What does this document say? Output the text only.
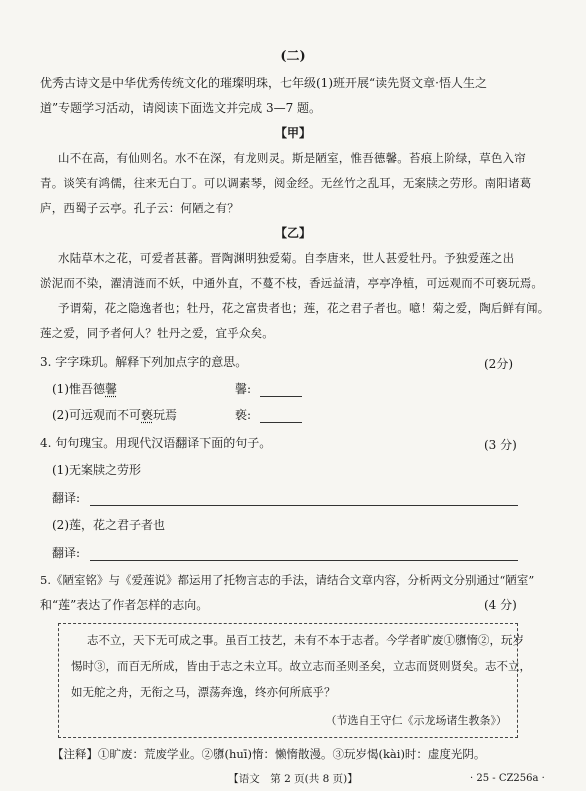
(二)
优秀古诗文是中华优秀传统文化的璀璨明珠，七年级(1)班开展“读先贤文章·悟人生之
道”专题学习活动，请阅读下面选文并完成 3—7 题。
【甲】
山不在高，有仙则名。水不在深，有龙则灵。斯是陋室，惟吾德馨。苔痕上阶绿，草色入帘
青。谈笑有鸿儒，往来无白丁。可以调素琴，阅金经。无丝竹之乱耳，无案牍之劳形。南阳诸葛
庐，西蜀子云亭。孔子云：何陋之有？
【乙】
水陆草木之花，可爱者甚蕃。晋陶渊明独爱菊。自李唐来，世人甚爱牡丹。予独爱莲之出
淤泥而不染，濯清涟而不妖，中通外直，不蔓不枝，香远益清，亭亭净植，可远观而不可亵玩焉。
予谓菊，花之隐逸者也；牡丹，花之富贵者也；莲，花之君子者也。噫！菊之爱，陶后鲜有闻。
莲之爱，同予者何人？牡丹之爱，宜乎众矣。
3. 字字珠玑。解释下列加点字的意思。	(2分)
(1)惟吾德馨	馨:
(2)可远观而不可亵玩焉	亵:
4. 句句瑰宝。用现代汉语翻译下面的句子。	(3 分)
(1)无案牍之劳形
翻译:
(2)莲，花之君子者也
翻译:
5.《陋室铭》与《爱莲说》都运用了托物言志的手法，请结合文章内容，分析两文分别通过“陋室”
和“莲”表达了作者怎样的志向。	(4 分)
志不立，天下无可成之事。虽百工技艺，未有不本于志者。今学者旷废①隳惰②，玩岁
惕时③，而百无所成，皆由于志之未立耳。故立志而圣则圣矣，立志而贤则贤矣。志不立，
如无舵之舟，无衔之马，漂荡奔逸，终亦何所底乎？
（节选自王守仁《示龙场诸生教条》）
【注释】①旷废：荒废学业。②隳(huī)惰：懒惰散漫。③玩岁愒(kài)时：虚度光阴。
【语文　第 2 页(共 8 页)】	· 25 - CZ256a ·
